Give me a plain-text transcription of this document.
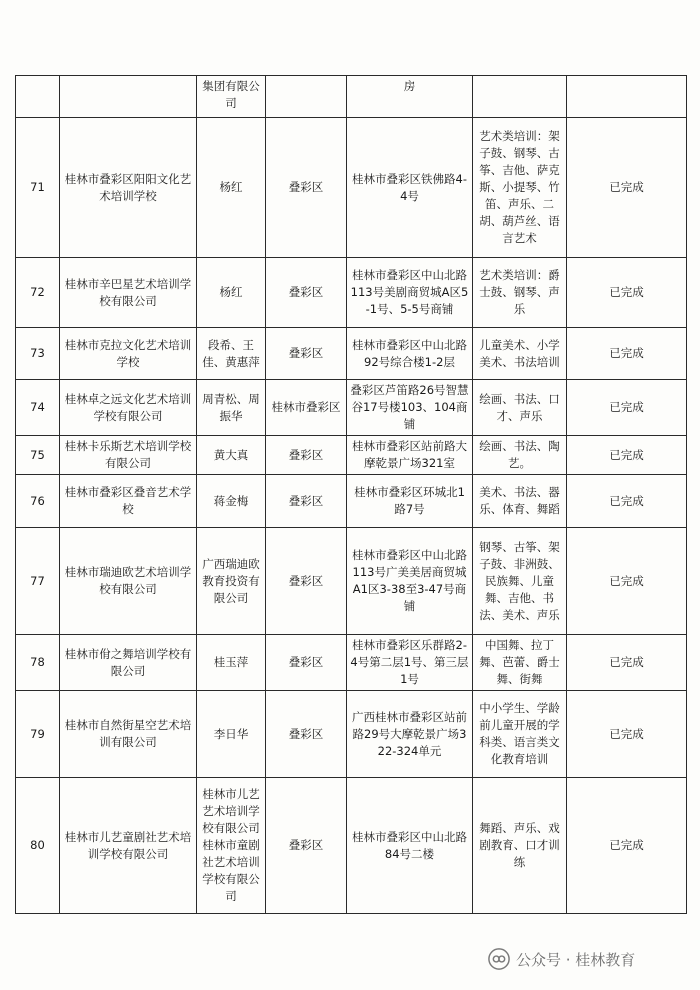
		集团有限公司		房		
71	桂林市叠彩区阳阳文化艺术培训学校	杨红	叠彩区	桂林市叠彩区铁佛路4-4号	艺术类培训：架子鼓、钢琴、古筝、吉他、萨克斯、小提琴、竹笛、声乐、二胡、葫芦丝、语言艺术	已完成
72	桂林市辛巴星艺术培训学校有限公司	杨红	叠彩区	桂林市叠彩区中山北路113号美剧商贸城A区5-1号、5-5号商铺	艺术类培训：爵士鼓、钢琴、声乐	已完成
73	桂林市克拉文化艺术培训学校	段希、王佳、黄惠萍	叠彩区	桂林市叠彩区中山北路92号综合楼1-2层	儿童美术、小学美术、书法培训	已完成
74	桂林卓之远文化艺术培训学校有限公司	周青松、周振华	桂林市叠彩区	叠彩区芦笛路26号智慧谷17号楼103、104商铺	绘画、书法、口才、声乐	已完成
75	桂林卡乐斯艺术培训学校有限公司	黄大真	叠彩区	桂林市叠彩区站前路大摩乾景广场321室	绘画、书法、陶艺。	已完成
76	桂林市叠彩区叠音艺术学校	蒋金梅	叠彩区	桂林市叠彩区环城北1路7号	美术、书法、器乐、体育、舞蹈	已完成
77	桂林市瑞迪欧艺术培训学校有限公司	广西瑞迪欧教育投资有限公司	叠彩区	桂林市叠彩区中山北路113号广美美居商贸城A1区3-38至3-47号商铺	钢琴、古筝、架子鼓、非洲鼓、民族舞、儿童舞、吉他、书法、美术、声乐	已完成
78	桂林市佾之舞培训学校有限公司	桂玉萍	叠彩区	桂林市叠彩区乐群路2-4号第二层1号、第三层1号	中国舞、拉丁舞、芭蕾、爵士舞、街舞	已完成
79	桂林市自然街星空艺术培训有限公司	李日华	叠彩区	广西桂林市叠彩区站前路29号大摩乾景广场322-324单元	中小学生、学龄前儿童开展的学科类、语言类文化教育培训	已完成
80	桂林市儿艺童剧社艺术培训学校有限公司	桂林市儿艺艺术培训学校有限公司桂林市童剧社艺术培训学校有限公司	叠彩区	桂林市叠彩区中山北路84号二楼	舞蹈、声乐、戏剧教育、口才训练	已完成
公众号 · 桂林教育
